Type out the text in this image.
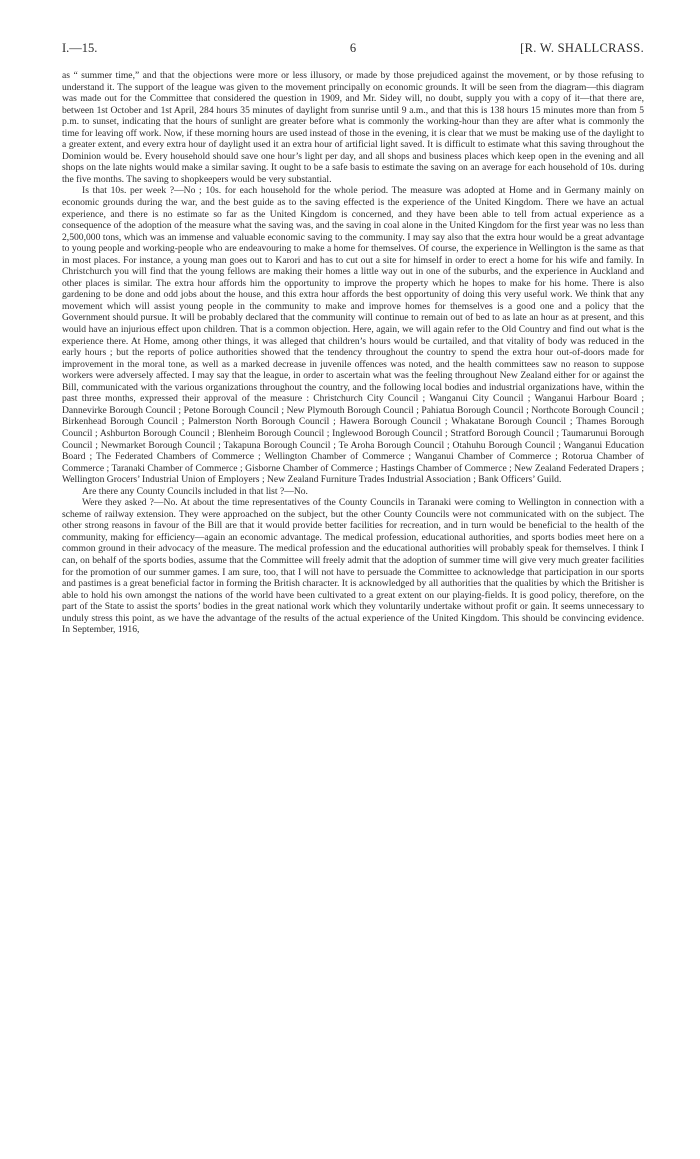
I.—15.	6	[R. W. SHALLCRASS.

as “ summer time,” and that the objections were more or less illusory, or made by those prejudiced against the movement, or by those refusing to understand it. The support of the league was given to the movement principally on economic grounds. It will be seen from the diagram—this diagram was made out for the Committee that considered the question in 1909, and Mr. Sidey will, no doubt, supply you with a copy of it—that there are, between 1st October and 1st April, 284 hours 35 minutes of daylight from sunrise until 9 a.m., and that this is 138 hours 15 minutes more than from 5 p.m. to sunset, indicating that the hours of sunlight are greater before what is commonly the working-hour than they are after what is commonly the time for leaving off work. Now, if these morning hours are used instead of those in the evening, it is clear that we must be making use of the daylight to a greater extent, and every extra hour of daylight used it an extra hour of artificial light saved. It is difficult to estimate what this saving throughout the Dominion would be. Every household should save one hour’s light per day, and all shops and business places which keep open in the evening and all shops on the late nights would make a similar saving. It ought to be a safe basis to estimate the saving on an average for each household of 10s. during the five months. The saving to shopkeepers would be very substantial.

Is that 10s. per week ?—No ; 10s. for each household for the whole period. The measure was adopted at Home and in Germany mainly on economic grounds during the war, and the best guide as to the saving effected is the experience of the United Kingdom. There we have an actual experience, and there is no estimate so far as the United Kingdom is concerned, and they have been able to tell from actual experience as a consequence of the adoption of the measure what the saving was, and the saving in coal alone in the United Kingdom for the first year was no less than 2,500,000 tons, which was an immense and valuable economic saving to the community. I may say also that the extra hour would be a great advantage to young people and working-people who are endeavouring to make a home for themselves. Of course, the experience in Wellington is the same as that in most places. For instance, a young man goes out to Karori and has to cut out a site for himself in order to erect a home for his wife and family. In Christchurch you will find that the young fellows are making their homes a little way out in one of the suburbs, and the experience in Auckland and other places is similar. The extra hour affords him the opportunity to improve the property which he hopes to make for his home. There is also gardening to be done and odd jobs about the house, and this extra hour affords the best opportunity of doing this very useful work. We think that any movement which will assist young people in the community to make and improve homes for themselves is a good one and a policy that the Government should pursue. It will be probably declared that the community will continue to remain out of bed to as late an hour as at present, and this would have an injurious effect upon children. That is a common objection. Here, again, we will again refer to the Old Country and find out what is the experience there. At Home, among other things, it was alleged that children’s hours would be curtailed, and that vitality of body was reduced in the early hours ; but the reports of police authorities showed that the tendency throughout the country to spend the extra hour out-of-doors made for improvement in the moral tone, as well as a marked decrease in juvenile offences was noted, and the health committees saw no reason to suppose workers were adversely affected. I may say that the league, in order to ascertain what was the feeling throughout New Zealand either for or against the Bill, communicated with the various organizations throughout the country, and the following local bodies and industrial organizations have, within the past three months, expressed their approval of the measure : Christchurch City Council ; Wanganui City Council ; Wanganui Harbour Board ; Dannevirke Borough Council ; Petone Borough Council ; New Plymouth Borough Council ; Pahiatua Borough Council ; Northcote Borough Council ; Birkenhead Borough Council ; Palmerston North Borough Council ; Hawera Borough Council ; Whakatane Borough Council ; Thames Borough Council ; Ashburton Borough Council ; Blenheim Borough Council ; Inglewood Borough Council ; Stratford Borough Council ; Taumarunui Borough Council ; Newmarket Borough Council ; Takapuna Borough Council ; Te Aroha Borough Council ; Otahuhu Borough Council ; Wanganui Education Board ; The Federated Chambers of Commerce ; Wellington Chamber of Commerce ; Wanganui Chamber of Commerce ; Rotorua Chamber of Commerce ; Taranaki Chamber of Commerce ; Gisborne Chamber of Commerce ; Hastings Chamber of Commerce ; New Zealand Federated Drapers ; Wellington Grocers’ Industrial Union of Employers ; New Zealand Furniture Trades Industrial Association ; Bank Officers’ Guild.

Are there any County Councils included in that list ?—No.

Were they asked ?—No. At about the time representatives of the County Councils in Taranaki were coming to Wellington in connection with a scheme of railway extension. They were approached on the subject, but the other County Councils were not communicated with on the subject. The other strong reasons in favour of the Bill are that it would provide better facilities for recreation, and in turn would be beneficial to the health of the community, making for efficiency—again an economic advantage. The medical profession, educational authorities, and sports bodies meet here on a common ground in their advocacy of the measure. The medical profession and the educational authorities will probably speak for themselves. I think I can, on behalf of the sports bodies, assume that the Committee will freely admit that the adoption of summer time will give very much greater facilities for the promotion of our summer games. I am sure, too, that I will not have to persuade the Committee to acknowledge that participation in our sports and pastimes is a great beneficial factor in forming the British character. It is acknowledged by all authorities that the qualities by which the Britisher is able to hold his own amongst the nations of the world have been cultivated to a great extent on our playing-fields. It is good policy, therefore, on the part of the State to assist the sports’ bodies in the great national work which they voluntarily undertake without profit or gain. It seems unnecessary to unduly stress this point, as we have the advantage of the results of the actual experience of the United Kingdom. This should be convincing evidence. In September, 1916,
